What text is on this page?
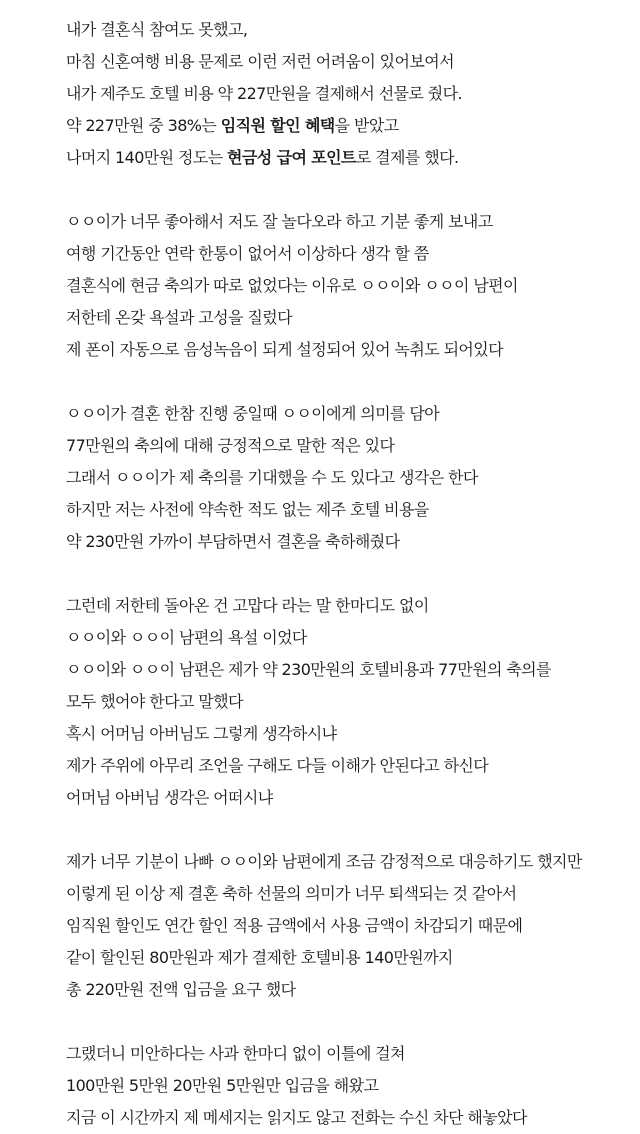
내가 결혼식 참여도 못했고,
마침 신혼여행 비용 문제로 이런 저런 어려움이 있어보여서
내가 제주도 호텔 비용 약 227만원을 결제해서 선물로 줬다.
약 227만원 중 38%는 임직원 할인 혜택을 받았고
나머지 140만원 정도는 현금성 급여 포인트로 결제를 했다.
ㅇㅇ이가 너무 좋아해서 저도 잘 놀다오라 하고 기분 좋게 보내고
여행 기간동안 연락 한통이 없어서 이상하다 생각 할 쯤
결혼식에 현금 축의가 따로 없었다는 이유로 ㅇㅇ이와 ㅇㅇ이 남편이
저한테 온갖 욕설과 고성을 질렀다
제 폰이 자동으로 음성녹음이 되게 설정되어 있어 녹취도 되어있다
ㅇㅇ이가 결혼 한참 진행 중일때 ㅇㅇ이에게 의미를 담아
77만원의 축의에 대해 긍정적으로 말한 적은 있다
그래서 ㅇㅇ이가 제 축의를 기대했을 수 도 있다고 생각은 한다
하지만 저는 사전에 약속한 적도 없는 제주 호텔 비용을
약 230만원 가까이 부담하면서 결혼을 축하해줬다
그런데 저한테 돌아온 건 고맙다 라는 말 한마디도 없이
ㅇㅇ이와 ㅇㅇ이 남편의 욕설 이었다
ㅇㅇ이와 ㅇㅇ이 남편은 제가 약 230만원의 호텔비용과 77만원의 축의를
모두 했어야 한다고 말했다
혹시 어머님 아버님도 그렇게 생각하시냐
제가 주위에 아무리 조언을 구해도 다들 이해가 안된다고 하신다
어머님 아버님 생각은 어떠시냐
제가 너무 기분이 나빠 ㅇㅇ이와 남편에게 조금 감정적으로 대응하기도 했지만
이렇게 된 이상 제 결혼 축하 선물의 의미가 너무 퇴색되는 것 같아서
임직원 할인도 연간 할인 적용 금액에서 사용 금액이 차감되기 때문에
같이 할인된 80만원과 제가 결제한 호텔비용 140만원까지
총 220만원 전액 입금을 요구 했다
그랬더니 미안하다는 사과 한마디 없이 이틀에 걸쳐
100만원 5만원 20만원 5만원만 입금을 해왔고
지금 이 시간까지 제 메세지는 읽지도 않고 전화는 수신 차단 해놓았다
